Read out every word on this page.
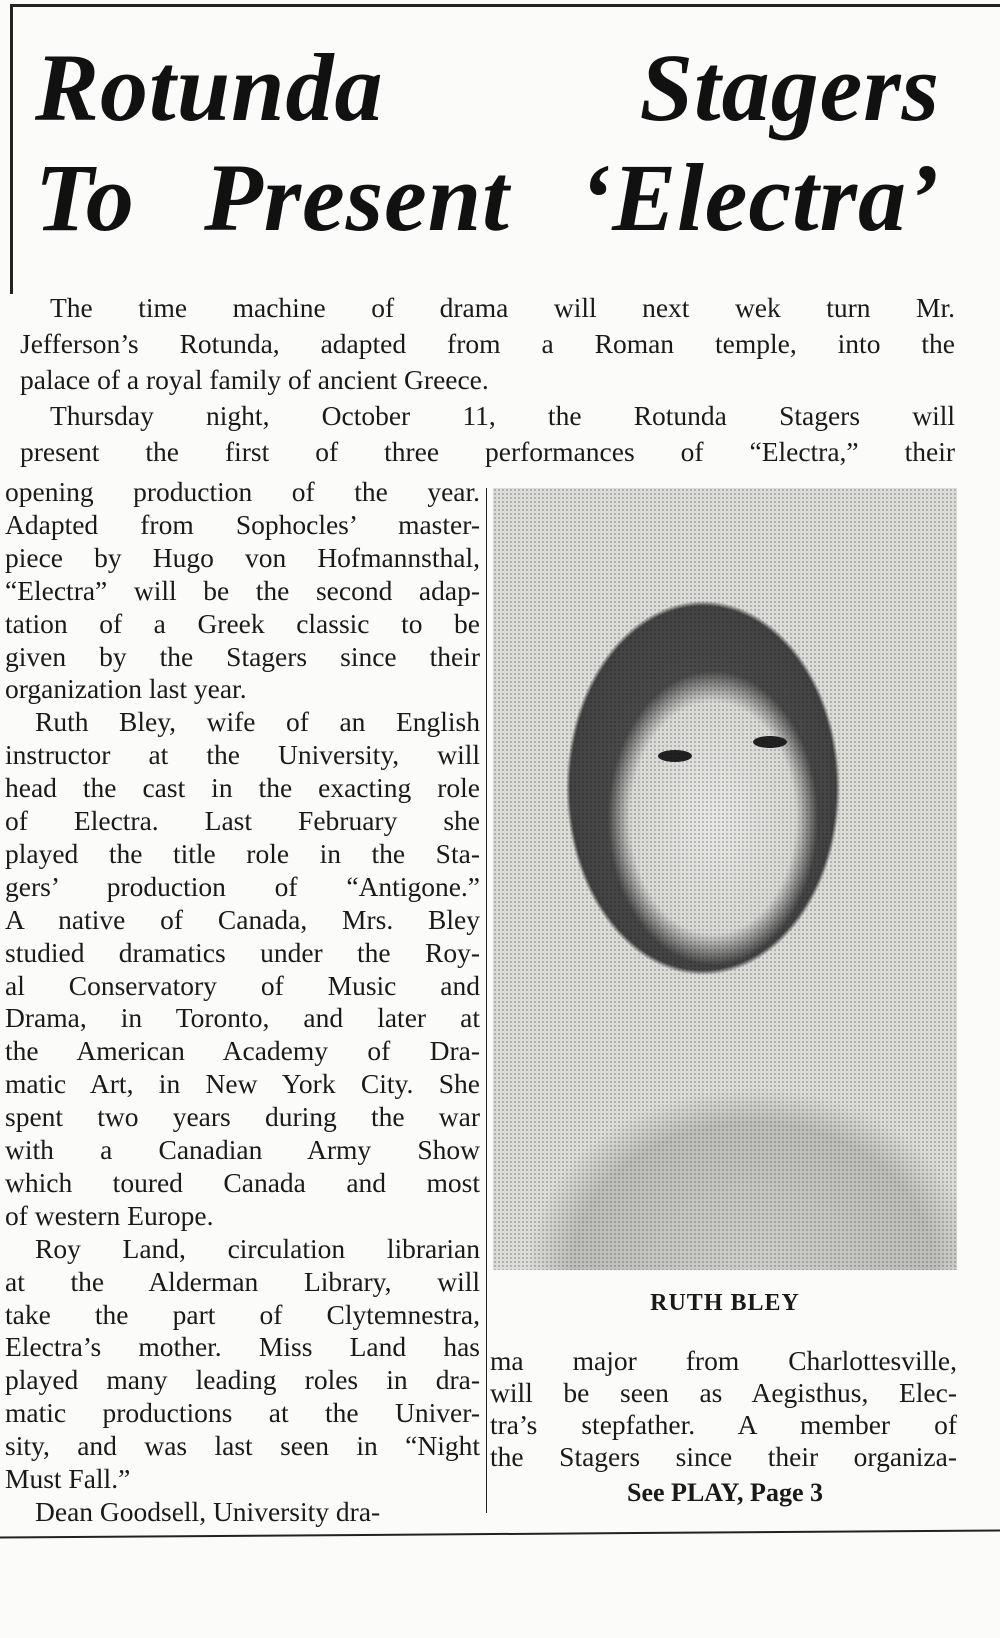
Rotunda Stagers
To Present ‘Electra’
The time machine of drama will next wek turn Mr.
Jefferson’s Rotunda, adapted from a Roman temple, into the
palace of a royal family of ancient Greece.
Thursday night, October 11, the Rotunda Stagers will
present the first of three performances of “Electra,” their
opening production of the year.
Adapted from Sophocles’ master-
piece by Hugo von Hofmannsthal,
“Electra” will be the second adap-
tation of a Greek classic to be
given by the Stagers since their
organization last year.
Ruth Bley, wife of an English
instructor at the University, will
head the cast in the exacting role
of Electra. Last February she
played the title role in the Sta-
gers’ production of “Antigone.”
A native of Canada, Mrs. Bley
studied dramatics under the Roy-
al Conservatory of Music and
Drama, in Toronto, and later at
the American Academy of Dra-
matic Art, in New York City. She
spent two years during the war
with a Canadian Army Show
which toured Canada and most
of western Europe.
Roy Land, circulation librarian
at the Alderman Library, will
take the part of Clytemnestra,
Electra’s mother. Miss Land has
played many leading roles in dra-
matic productions at the Univer-
sity, and was last seen in “Night
Must Fall.”
Dean Goodsell, University dra-
RUTH BLEY
ma major from Charlottesville,
will be seen as Aegisthus, Elec-
tra’s stepfather. A member of
the Stagers since their organiza-
See PLAY, Page 3
